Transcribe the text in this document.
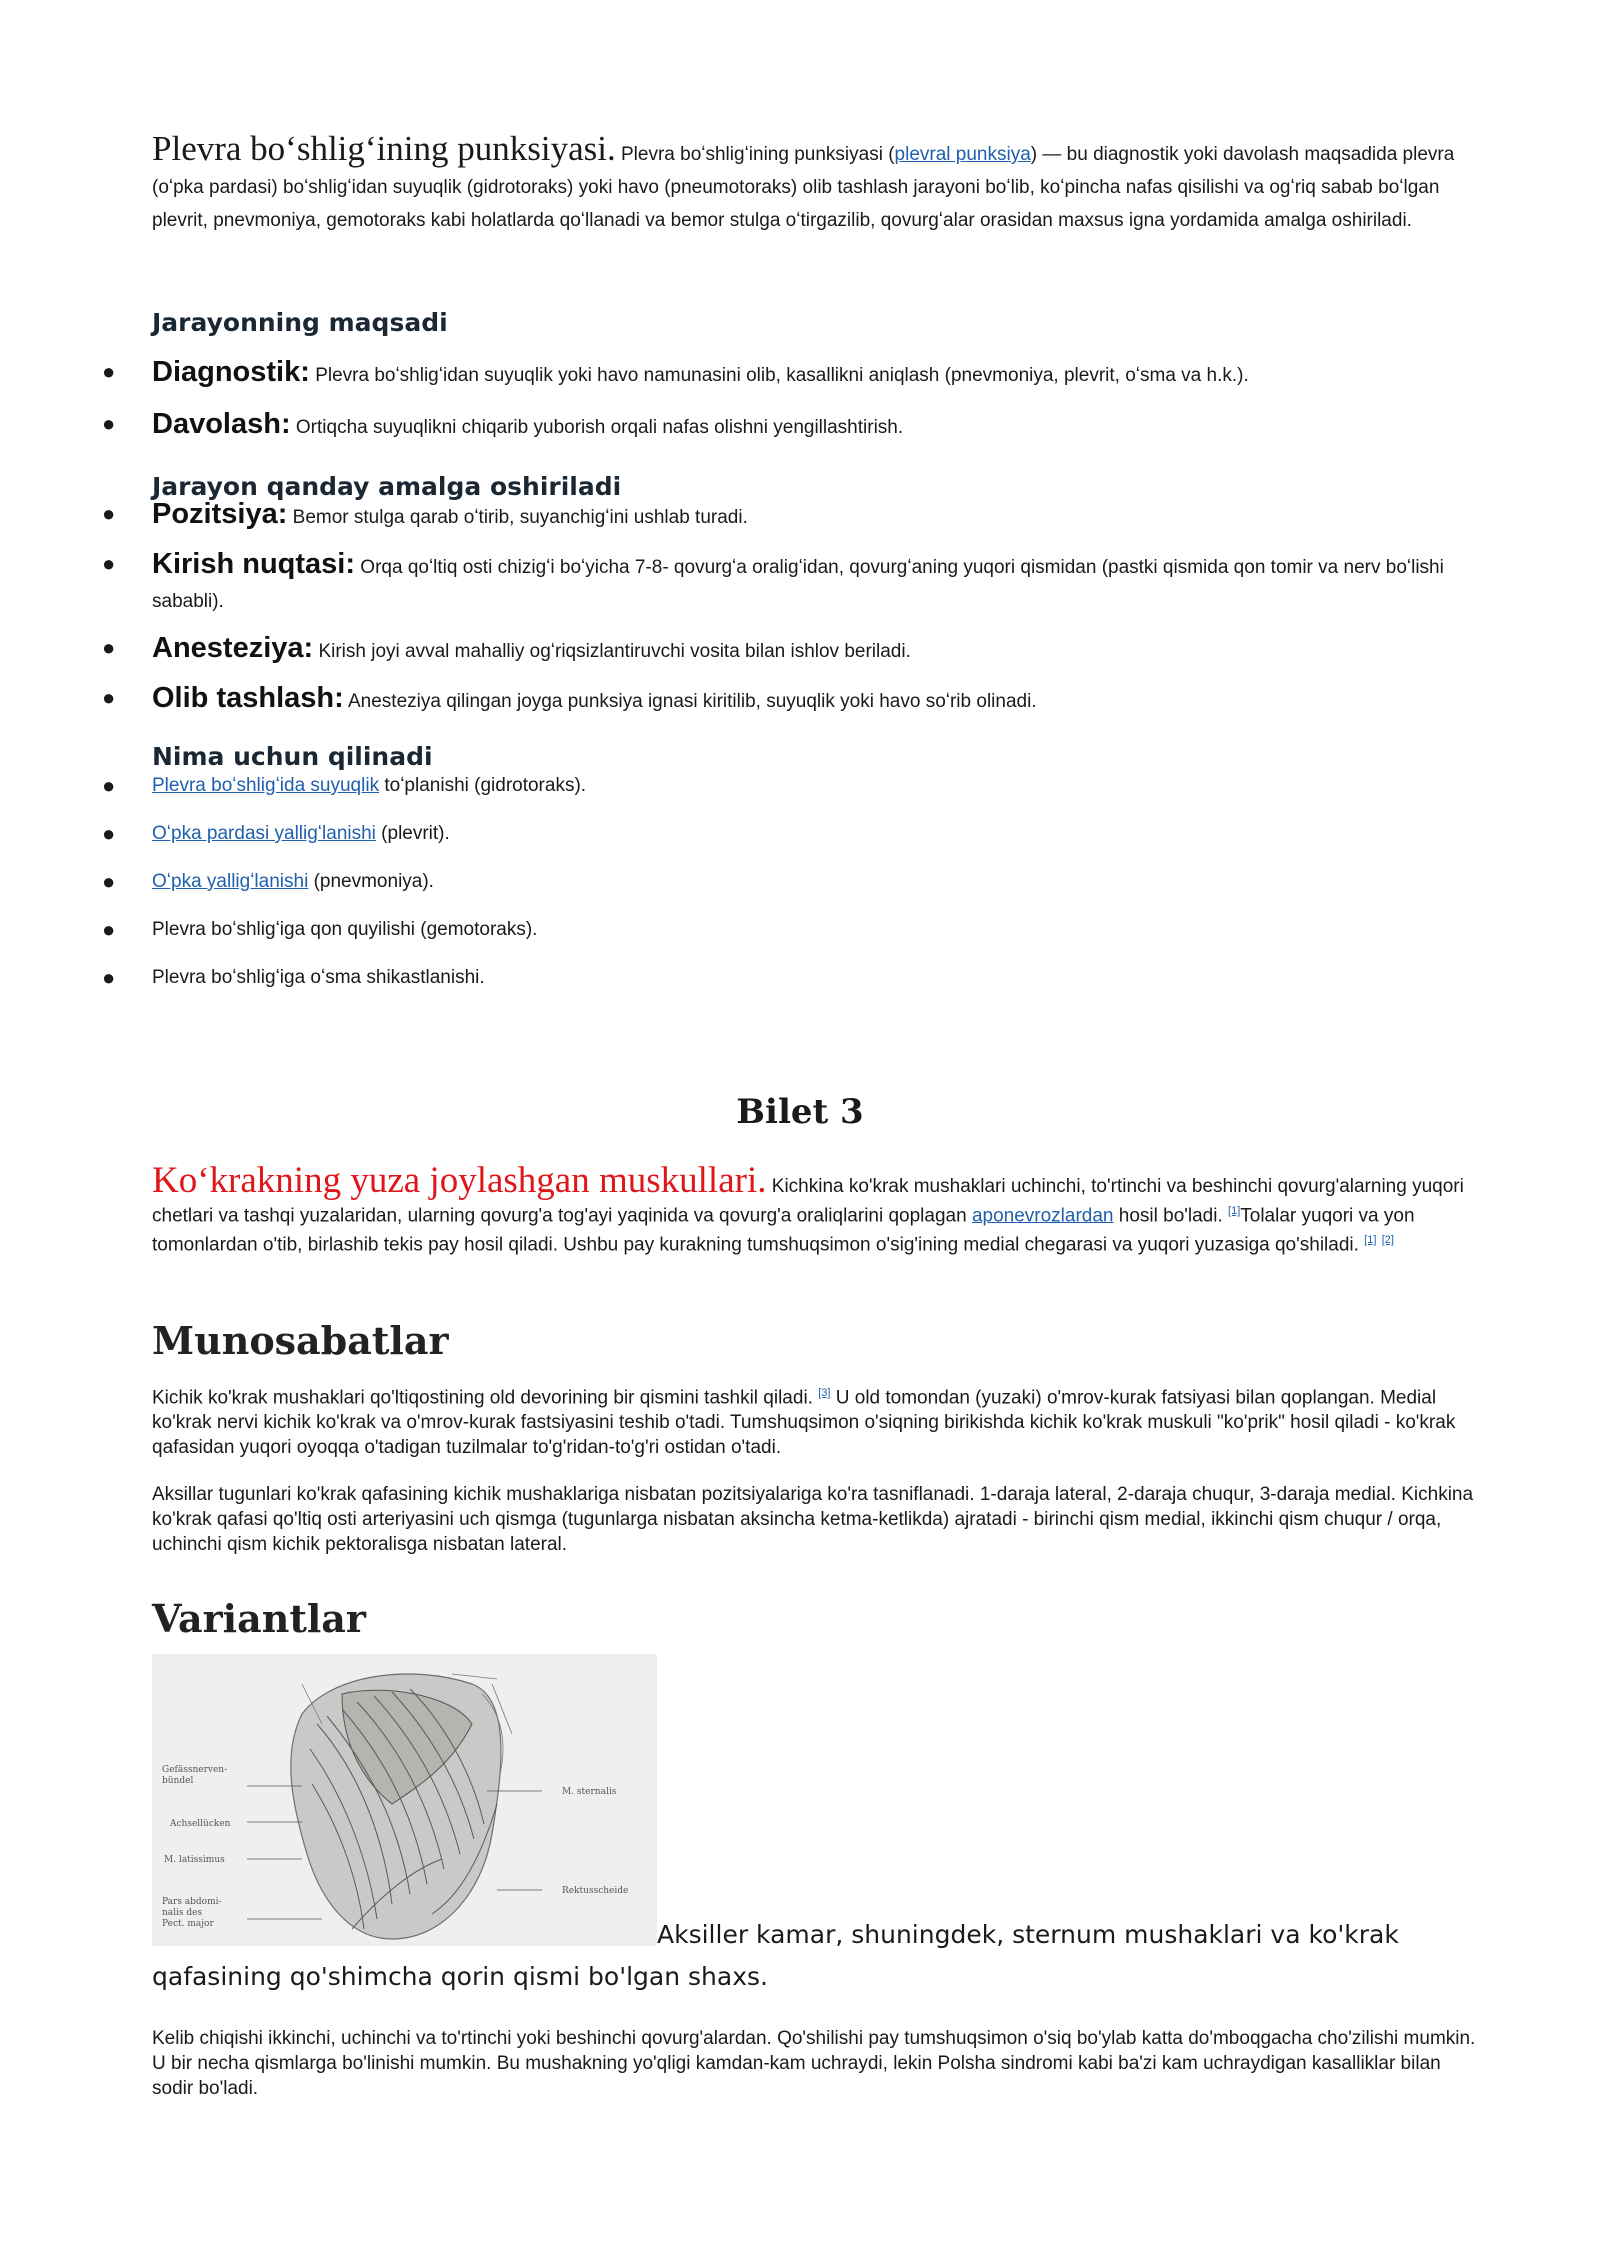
Plevra boʻshligʻining punksiyasi. Plevra boʻshligʻining punksiyasi (plevral punksiya) — bu diagnostik yoki davolash maqsadida plevra (oʻpka pardasi) boʻshligʻidan suyuqlik (gidrotoraks) yoki havo (pneumotoraks) olib tashlash jarayoni boʻlib, koʻpincha nafas qisilishi va ogʻriq sabab boʻlgan plevrit, pnevmoniya, gemotoraks kabi holatlarda qoʻllanadi va bemor stulga oʻtirgazilib, qovurgʻalar orasidan maxsus igna yordamida amalga oshiriladi.

Jarayonning maqsadi
● Diagnostik: Plevra boʻshligʻidan suyuqlik yoki havo namunasini olib, kasallikni aniqlash (pnevmoniya, plevrit, oʻsma va h.k.).
● Davolash: Ortiqcha suyuqlikni chiqarib yuborish orqali nafas olishni yengillashtirish.
Jarayon qanday amalga oshiriladi
● Pozitsiya: Bemor stulga qarab oʻtirib, suyanchigʻini ushlab turadi.
● Kirish nuqtasi: Orqa qoʻltiq osti chizigʻi boʻyicha 7-8- qovurgʻa oraligʻidan, qovurgʻaning yuqori qismidan (pastki qismida qon tomir va nerv boʻlishi sababli).
● Anesteziya: Kirish joyi avval mahalliy ogʻriqsizlantiruvchi vosita bilan ishlov beriladi.
● Olib tashlash: Anesteziya qilingan joyga punksiya ignasi kiritilib, suyuqlik yoki havo soʻrib olinadi.
Nima uchun qilinadi
● Plevra boʻshligʻida suyuqlik toʻplanishi (gidrotoraks).
● Oʻpka pardasi yalligʻlanishi (plevrit).
● Oʻpka yalligʻlanishi (pnevmoniya).
● Plevra boʻshligʻiga qon quyilishi (gemotoraks).
● Plevra boʻshligʻiga oʻsma shikastlanishi.
Bilet 3

Koʻkrakning yuza joylashgan muskullari. Kichkina ko'krak mushaklari uchinchi, to'rtinchi va beshinchi qovurg'alarning yuqori chetlari va tashqi yuzalaridan, ularning qovurg'a tog'ayi yaqinida va qovurg'a oraliqlarini qoplagan aponevrozlardan hosil bo'ladi. [1]Tolalar yuqori va yon tomonlardan o'tib, birlashib tekis pay hosil qiladi. Ushbu pay kurakning tumshuqsimon o'sig'ining medial chegarasi va yuqori yuzasiga qo'shiladi. [1] [2]

Munosabatlar

Kichik ko'krak mushaklari qo'ltiqostining old devorining bir qismini tashkil qiladi. [3] U old tomondan (yuzaki) o'mrov-kurak fatsiyasi bilan qoplangan. Medial ko'krak nervi kichik ko'krak va o'mrov-kurak fastsiyasini teshib o'tadi. Tumshuqsimon o'siqning birikishda kichik ko'krak muskuli "ko'prik" hosil qiladi - ko'krak qafasidan yuqori oyoqqa o'tadigan tuzilmalar to'g'ridan-to'g'ri ostidan o'tadi.

Aksillar tugunlari ko'krak qafasining kichik mushaklariga nisbatan pozitsiyalariga ko'ra tasniflanadi. 1-daraja lateral, 2-daraja chuqur, 3-daraja medial. Kichkina ko'krak qafasi qo'ltiq osti arteriyasini uch qismga (tugunlarga nisbatan aksincha ketma-ketlikda) ajratadi - birinchi qism medial, ikkinchi qism chuqur / orqa, uchinchi qism kichik pektoralisga nisbatan lateral.

Variantlar
Gefässnerven-bündel
Achsellücken
M. latissimus
Pars abdomi-nalis des Pect. major
M. sternalis
Rektusscheide
Aksiller kamar, shuningdek, sternum mushaklari va ko'krak
qafasining qo'shimcha qorin qismi bo'lgan shaxs.

Kelib chiqishi ikkinchi, uchinchi va to'rtinchi yoki beshinchi qovurg'alardan. Qo'shilishi pay tumshuqsimon o'siq bo'ylab katta do'mboqgacha cho'zilishi mumkin. U bir necha qismlarga bo'linishi mumkin. Bu mushakning yo'qligi kamdan-kam uchraydi, lekin Polsha sindromi kabi ba'zi kam uchraydigan kasalliklar bilan sodir bo'ladi.
